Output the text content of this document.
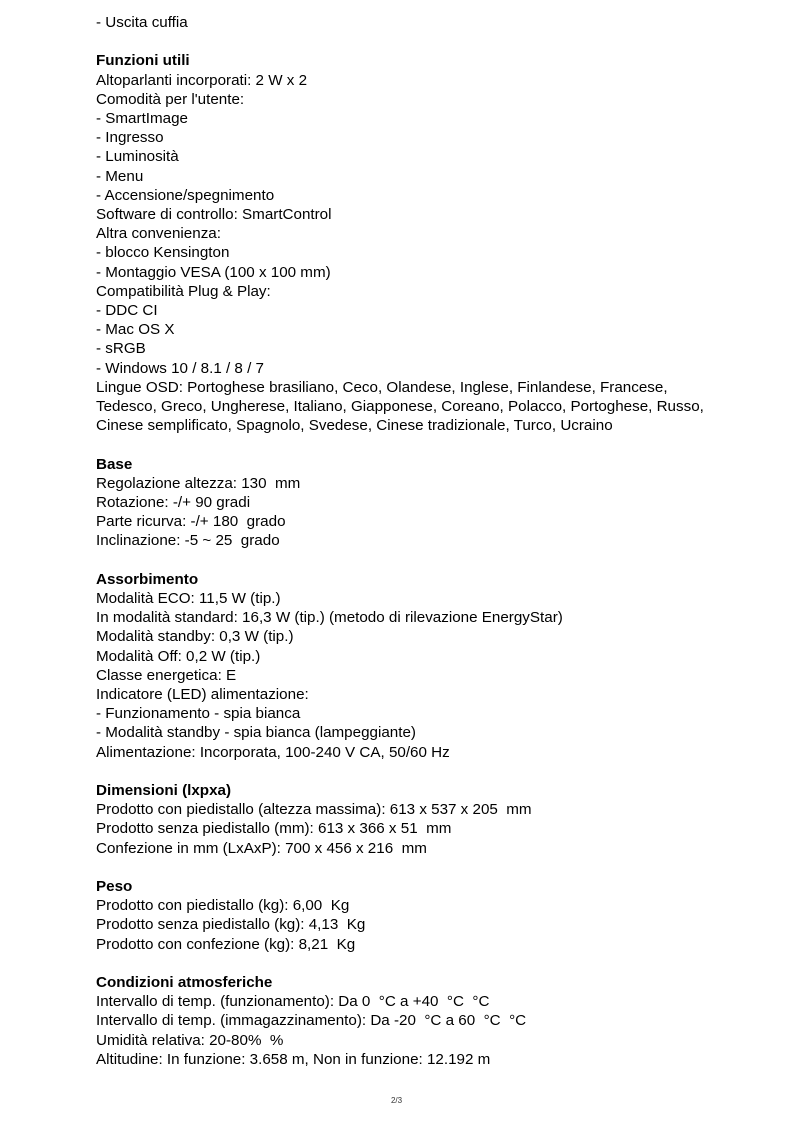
- Uscita cuffia
Funzioni utili
Altoparlanti incorporati: 2 W x 2
Comodità per l'utente:
- SmartImage
- Ingresso
- Luminosità
- Menu
- Accensione/spegnimento
Software di controllo: SmartControl
Altra convenienza:
- blocco Kensington
- Montaggio VESA (100 x 100 mm)
Compatibilità Plug & Play:
- DDC CI
- Mac OS X
- sRGB
- Windows 10 / 8.1 / 8 / 7
Lingue OSD: Portoghese brasiliano, Ceco, Olandese, Inglese, Finlandese, Francese,
Tedesco, Greco, Ungherese, Italiano, Giapponese, Coreano, Polacco, Portoghese, Russo,
Cinese semplificato, Spagnolo, Svedese, Cinese tradizionale, Turco, Ucraino
Base
Regolazione altezza: 130  mm
Rotazione: -/+ 90 gradi
Parte ricurva: -/+ 180  grado
Inclinazione: -5 ~ 25  grado
Assorbimento
Modalità ECO: 11,5 W (tip.)
In modalità standard: 16,3 W (tip.) (metodo di rilevazione EnergyStar)
Modalità standby: 0,3 W (tip.)
Modalità Off: 0,2 W (tip.)
Classe energetica: E
Indicatore (LED) alimentazione:
- Funzionamento - spia bianca
- Modalità standby - spia bianca (lampeggiante)
Alimentazione: Incorporata, 100-240 V CA, 50/60 Hz
Dimensioni (lxpxa)
Prodotto con piedistallo (altezza massima): 613 x 537 x 205  mm
Prodotto senza piedistallo (mm): 613 x 366 x 51  mm
Confezione in mm (LxAxP): 700 x 456 x 216  mm
Peso
Prodotto con piedistallo (kg): 6,00  Kg
Prodotto senza piedistallo (kg): 4,13  Kg
Prodotto con confezione (kg): 8,21  Kg
Condizioni atmosferiche
Intervallo di temp. (funzionamento): Da 0  °C a +40  °C  °C
Intervallo di temp. (immagazzinamento): Da -20  °C a 60  °C  °C
Umidità relativa: 20-80%  %
Altitudine: In funzione: 3.658 m, Non in funzione: 12.192 m
2/3
